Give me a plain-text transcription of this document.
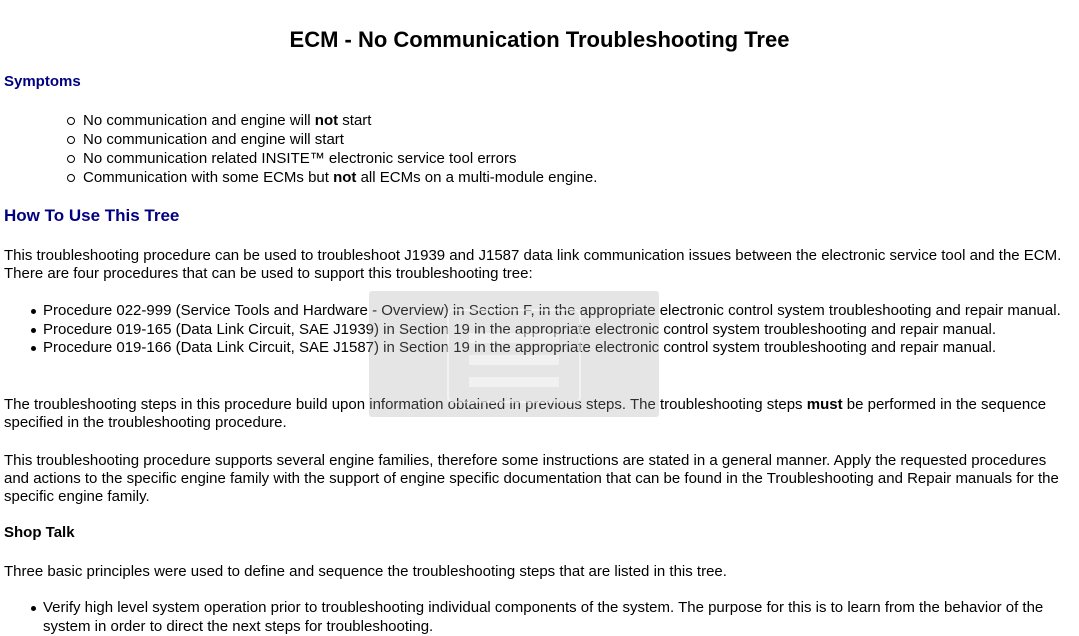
ECM - No Communication Troubleshooting Tree
Symptoms
No communication and engine will not start
No communication and engine will start
No communication related INSITE™ electronic service tool errors
Communication with some ECMs but not all ECMs on a multi-module engine.
How To Use This Tree

This troubleshooting procedure can be used to troubleshoot J1939 and J1587 data link communication issues between the electronic service tool and the ECM. There are four procedures that can be used to support this troubleshooting tree:

Procedure 022-999 (Service Tools and Hardware - Overview) in Section F, in the appropriate electronic control system troubleshooting and repair manual.
Procedure 019-165 (Data Link Circuit, SAE J1939) in Section 19 in the appropriate electronic control system troubleshooting and repair manual.
Procedure 019-166 (Data Link Circuit, SAE J1587) in Section 19 in the appropriate electronic control system troubleshooting and repair manual.

The troubleshooting steps in this procedure build upon information obtained in previous steps. The troubleshooting steps must be performed in the sequence specified in the troubleshooting procedure.

This troubleshooting procedure supports several engine families, therefore some instructions are stated in a general manner. Apply the requested procedures and actions to the specific engine family with the support of engine specific documentation that can be found in the Troubleshooting and Repair manuals for the specific engine family.

Shop Talk

Three basic principles were used to define and sequence the troubleshooting steps that are listed in this tree.

Verify high level system operation prior to troubleshooting individual components of the system. The purpose for this is to learn from the behavior of the system in order to direct the next steps for troubleshooting.
